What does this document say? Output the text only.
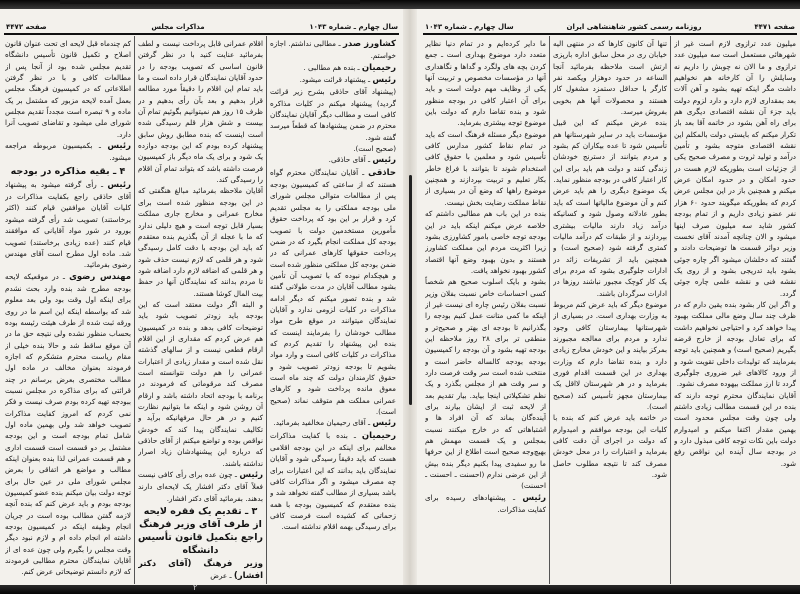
سال چهارم ـ شماره ۱۰۴۳
مذاکرات مجلس
صفحه ۴۴۷۲	صفحه ۴۴۷۱
روزنامه رسمی کشور شاهنشاهی ایران
سال چهارم ـ شماره ۱۰۴۳

کشاورز صدر ـ مطالبی نداشتم. اجازه خواستم.

رحیمیان ـ بنده هم مطالبی .

رئیس ـ پیشنهاد قرائت میشود.

(پیشنهاد آقای حاذقی بشرح زیر قرائت گردید) پیشنهاد میکنم در کلیات مذاکره کافی است و مطالب دیگر آقایان نمایندگان محترم در ضمن پیشنهادها که قطعاً میرسد گفته شود.

(صحیح است).

رئیس ـ آقای حاذقی.

حاذقی ـ آقایان نمایندگان محترم گواه هستند که از ساعتی که کمیسیون بودجه پس از مطالعات متوالی مجلس شورای ملی بودجه مملکتی را به مجلس تقدیم کرد و قرار بر این بود که پرداخت حقوق مأمورین مستخدمین دولت با تصویب بودجه کل مملکت انجام بگیرد که در ضمن پرداخت حقوقها کارهای عمرانی که در ضمن بودجه کل مملکتی منظور شده است و هیچکدام نبوده که با تصویب آن تأمین بشود مطالب آقایان در مدت طولانی گفته شد و بنده تصور میکنم که دیگر ادامه مذاکرات در کلیات لزومی ندارد و آقایان نمایندگان میتوانند در موقع طرح مواد مطالب خودشان را بفرمایند اینست که بنده این پیشنهاد را تقدیم کردم که مذاکرات در کلیات کافی است و وارد مواد بشویم تا بودجه زودتر تصویب شود و حقوق کارمندان دولت که چند ماه است معوق مانده پرداخت شود و کارهای عمرانی مملکت هم متوقف نماند (صحیح است).

رئیس ـ آقای رحیمیان مخالفید بفرمائید.

رحیمیان ـ بنده با کفایت مذاکرات مخالفم برای اینکه در این بودجه اقلامی هست که باید دقیقاً رسیدگی شود و آقایان نمایندگان باید بدانند که این اعتبارات برای چه مصرف میشود و اگر مذاکرات کافی باشد بسیاری از مطالب گفته نخواهد شد و بنده معتقدم که کمیسیون بودجه با همه زحماتی که کشیده است فرصت کافی برای رسیدگی بهمه اقلام نداشته است.

اقلام عمرانی قابل پرداخت نیست و لطف بفرمائید عنایت کنید با در نظر گرفتن قانون اساسی که تصویب بودجه را در حدود آقایان نمایندگان قرار داده است و ما باید تمام این اقلام را دقیقاً مورد مطالعه قرار بدهیم و بعد بآن رأی بدهیم و در ظرف ۱۵ روز هم نمیتوانیم بگوئیم تمام آن بیست و شش هزار قلم رسیدگی شده است اینست که بنده مطابق روش سابق پیشنهاد کرده بودم که این بودجه دوازده یک شود و برای یک ماه دیگر باز کمیسیون فرصت داشته باشد که بتواند تمام آن اقلام را رسیدگی کند.

آقایان ملاحظه بفرمائید مبالغ هنگفتی که در این بودجه منظور شده است برای مخارج عمرانی و مخارج جاری مملکت بسیار قابل توجه است و هیچ دلیلی ندارد که ما با عجله از آن بگذریم بنده معتقدم که باید این بودجه با دقت کامل رسیدگی شود و هر قلمی که لازم نیست حذف شود و هر قلمی که اضافه لازم دارد اضافه شود تا مردم بدانند که نمایندگان آنها در حفظ بیت المال کوشا هستند.

و البته اگر دولت معتقد است که این بودجه باید زودتر تصویب شود باید توضیحات کافی بدهد و بنده در کمیسیون هم عرض کردم که مقداری از این اقلام ارقام قطعی نیست و از سالهای گذشته نقل شده است و مقدار زیادی از اعتبارات عمرانی را هم دولت نتوانسته است مصرف کند مرقوماتی که فرمودند در برنامه با بودجه اتحاد داشته باشد و ارقام آن روشن شود و اینکه ما بتوانیم نظارت کنیم و در هر حال مرفهانیکه برآید و تکالیف نمایندگان پیدا کند که خودش نواقص بوده و تواضع میکنم از آقای حاذقی که درباره این پیشنهادشان زیاد اصرار نداشته باشند.

رئیس ـ چون عده برای رأی کافی نیست فعلاً آقای دکتر افشار یک لایحه‌ای دارند بدهند. بفرمائید آقای دکتر افشار.

۳ ـ تقدیم یک فقره لایحه از طرف آقای وزیر فرهنگ راجع بتکمیل قانون تأسیس دانشگاه

وزیر فرهنگ (آقای دکتر افشار) ـ عرض

کم چندماه قبل لایحه ای تحت عنوان قانون اصلاح و تکمیل قانون تأسیس دانشگاه تقدیم مجلس شده بود از آنجا پس از مطالعات کافی و با در نظر گرفتن اطلاعاتی که در کمیسیون فرهنگ مجلس بعمل آمده لایحه مزبور که مشتمل بر یک ماده و ۹ تبصره است مجدداً تقدیم مجلس شورای ملی میشود و تقاضای تصویب آنرا دارد.

رئیس ـ بکمیسیون مربوطه مراجعه میشود.

۴ ـ بقیه مذاکره در بودجه

رئیس ـ رأی گرفته میشود به پیشنهاد آقای حاذقی راجع بکفایت مذاکرات در کلیات آقایان موافقین قیام کنند (اکثر برخاستند) تصویب شد رأی گرفته میشود بورود در شور مواد آقایانی که موافقند قیام کنند (عده زیادی برخاستند) تصویب شد. ماده اول مطرح است آقای مهندس رضوی بفرمائید.

مهندس رضوی ـ در موقعیکه لایحه بودجه مطرح شد بنده وارد بحث نشدم برای اینکه اول وقت بود ولی بعد معلوم شد که بواسطه اینکه این اسم ما در روی ورقه ثبت شده از طرف هیئت رئیسه بوده بحساب منظور نشده ولی نتیجه حق ما در آن موقع ساقط شد و حالا بنده خیلی از مقام ریاست محترم متشکرم که اجازه فرمودند بعنوان مخالف در ماده اول مطالب مختصری بعرض برسانم در چند قرائتی که برای مذاکره در مجلس نسبت ببودجه تهیه کرده بودم صرف نیست و فکر نمی کردم که امروز کفایت مذاکرات تصویب خواهد شد ولی بهمین ماده اول شامل تمام بودجه است و این بودجه مشتمل بر دو قسمت است قسمت اداری و هم قسمت عمرانی لذا بنده بعنوان اینکه مطالب و مواضع هر اتفاقی را بعرض مجلس شورای ملی در عین حال برای توجه دولت بیان میکنم بنده عضو کمیسیون بودجه بودم و باید عرض کنم که بنده آنچه لازمه گفتن مطالب بوده است در جریان انجام وظیفه اینکه در کمیسیون بودجه داشته ام انجام داده ام و لازم نبود دیگر وقت مجلس را بگیرم ولی چون عده ای از آقایان نمایندگان محترم مطالبی فرمودند که لازم دانستم توضیحاتی عرض کنم.

میلیون عدد ترازوی لازم است غیر از شهرهائی مستعمل است سه میلیون عدد ترازوی و ما الان نه چوبش را داریم نه وسایلش را آن کارخانه هم نخواهیم داشت مگر اینکه تهیه بشود و آهن آلات بعد بمقداری لازم دارد و دارد لزوم دولت باید جزء آن نقشه اقتصادی دیگری هم برای راه آهن بشود در خاتمه آقا بعد باز تکرار میکنم که بایستی دولت بالمکلم این نقشه اقتصادی متوجه بشود و تأمین درآمد و تولید ثروت و مصرف صحیح یکی از جزئیات است بطوریکه لازم هست در حدود امکان و در حدود امکان عرض میکنم و همچنین باز در این مجلس عرض کردم که بطوریکه میگویند حدود ۶۰ هزار نفر عضو زیادی داریم و از تمام بودجه کشور شاید سه میلیون صرف اینها میشود و الان چنانچه آمدند آقای نخست وزیر دوائر قسمت ها توضیحات دادند و گفتند که دخلشان میشود اگر چاره جوئی بشود باید تدریجی بشود و از روی یک نقشه فنی و نقشه علمی چاره جوئی گردد.

و اگر این کار بشود بنده یقین دارم که در ظرف چند سال وضع مالی مملکت بهبود پیدا خواهد کرد و احتیاجی نخواهیم داشت که برای تعادل بودجه از خارج قرضه بگیریم (صحیح است) و همچنین باید توجه بفرمایند که تولیدات داخلی تقویت شود و از ورود کالاهای غیر ضروری جلوگیری گردد تا ارز مملکت بیهوده مصرف نشود.

آقایان نمایندگان محترم توجه دارند که بنده در این قسمت مطالب زیادی داشتم ولی چون وقت مجلس محدود است بهمین مقدار اکتفا میکنم و امیدوارم دولت باین نکات توجه کافی مبذول دارد و در بودجه سال آینده این نواقص رفع شود.

تنها آن کانون کارها که در منتهی الیه خیابان ری در محل سابق اداره بارپزی ارتش است ملاحظه بفرمائید آنجا الساعه در حدود دوهزار ویکصد نفر کارگر با حداقل دستمزد مشغول کار هستند و محصولات آنها هم بخوبی بفروش میرسد.

بنده عرض میکنم که این قبیل مؤسسات باید در سایر شهرستانها هم تأسیس شود تا عده بیکاران کم بشود و مردم بتوانند از دسترنج خودشان زندگی کنند و دولت هم باید برای این کار اعتبار کافی در بودجه منظور نماید.

یک موضوع دیگری را هم باید عرض کنم و آن موضوع مالیاتها است که باید بطور عادلانه وصول شود و کسانیکه درآمد زیاد دارند مالیات بیشتری بپردازند و از طبقات کم درآمد مالیات کمتری گرفته شود (صحیح است) و همچنین باید از تشریفات زائد در ادارات جلوگیری بشود که مردم برای یک کار کوچک مجبور نباشند روزها در ادارات سرگردان باشند.

موضوع دیگر که باید عرض کنم مربوط به وزارت بهداری است. در بسیاری از شهرستانها بیمارستان کافی وجود ندارد و مردم برای معالجه مجبورند بمرکز بیایند و این خودش مخارج زیادی دارد و بنده تقاضا دارم که وزارت بهداری در این قسمت اقدام فوری بفرماید و در هر شهرستان لااقل یک بیمارستان مجهز تأسیس کند (صحیح است).

در خاتمه باید عرض کنم که بنده با کلیات این بودجه موافقم و امیدوارم که دولت در اجرای آن دقت کافی بفرماید و اعتبارات را در محل خودش مصرف کند تا نتیجه مطلوب حاصل شود.

ما دایر کرده‌ایم و در تمام دنیا نظایر متعدد دارد موضوع بهداری است ـ جمع کردن بچه های ولگرد و گداها و نگاهداری آنها در مؤسسات مخصوص و تربیت آنها یکی از وظایف مهم دولت است و باید برای آن اعتبار کافی در بودجه منظور شود و بنده تقاضا دارم که دولت باین موضوع توجه بیشتری بفرماید.

موضوع دیگر مسئله فرهنگ است که باید در تمام نقاط کشور مدارس کافی تأسیس شود و معلمین با حقوق کافی استخدام شوند تا بتوانند با فراغ خاطر بکار تعلیم و تربیت بپردازند و همچنین موضوع راهها که وضع آن در بسیاری از نقاط مملکت رضایت بخش نیست.

بنده در این باب هم مطالبی داشتم که خلاصه عرض میکنم اینکه باید در این بودجه توجه خاصی بامور کشاورزی بشود زیرا اکثریت مردم این مملکت کشاورز هستند و بدون بهبود وضع آنها اقتصاد کشور بهبود نخواهد یافت.

بشود و بایک اسلوب صحیح هم شخصاً کسی احساسات خاص نسبت بفلان وزیر نسبت بفلان رئیس چاره ای نیست غیر از اینکه ما کمی متانت عمل کنیم بودجه را بگذرانیم تا بودجه ای بهتر و صحیح‌تر و منطقی تر برای ۲۸ روز ملاحظه این بودجه تهیه بشود و آن بودجه را کمیسیون بودجه بودجه کالساله حاضر است و منتخب شده است سر وقت فرصت دارد و سر وقت هم از مجلس بگذرد و یک نظم تشکیلاتی اینجا بیاید. بیار تقدیم بعد از لایحه ثبت از ایشان بیارند برای آینده‌گان بماند که آن افراد ها و اشتباهاتی که در خارج میکنند نسبت بمجلس و یک قسمت مهمش هم بهیچ‌وجه صحیح است اطلاع از این حرفها ما رو سفیدی پیدا بکنیم دیگر بنده بیش از این عرضی ندارم (احسنت ـ احسنت ـ احسنت)

رئیس ـ پیشنهادهای رسیده برای کفایت مذاکرات.

۲
